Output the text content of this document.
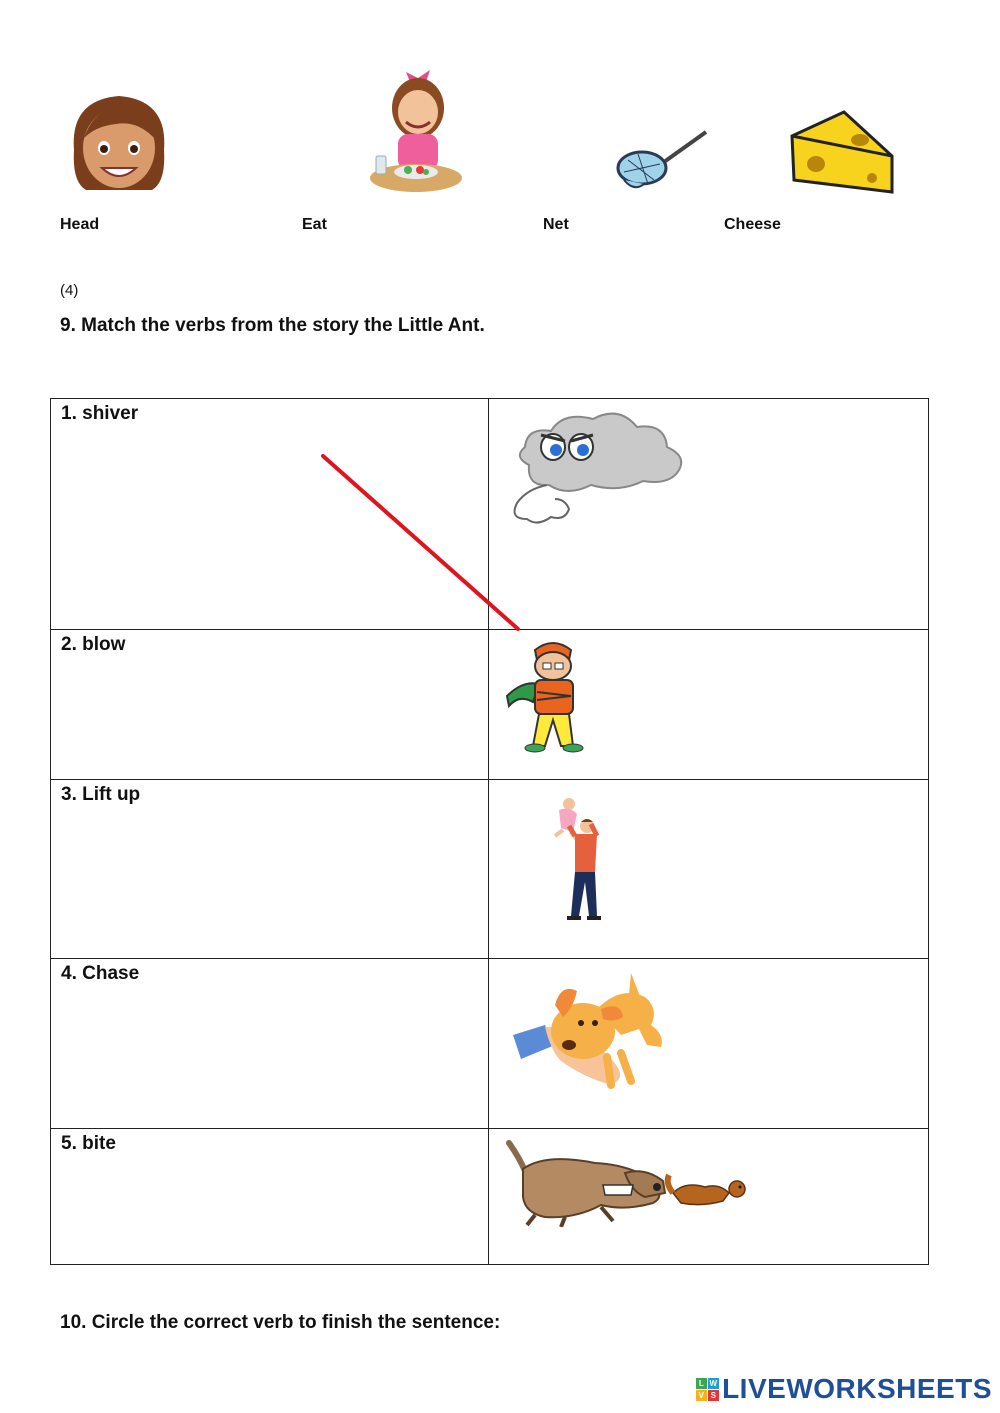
Head	Eat	Net	Cheese
(4)
9. Match the verbs from the story the Little Ant.
1. shiver

2. blow

3. Lift up

4. Chase

5. bite

10. Circle the correct verb to finish the sentence:
L W
V S LIVEWORKSHEETS
